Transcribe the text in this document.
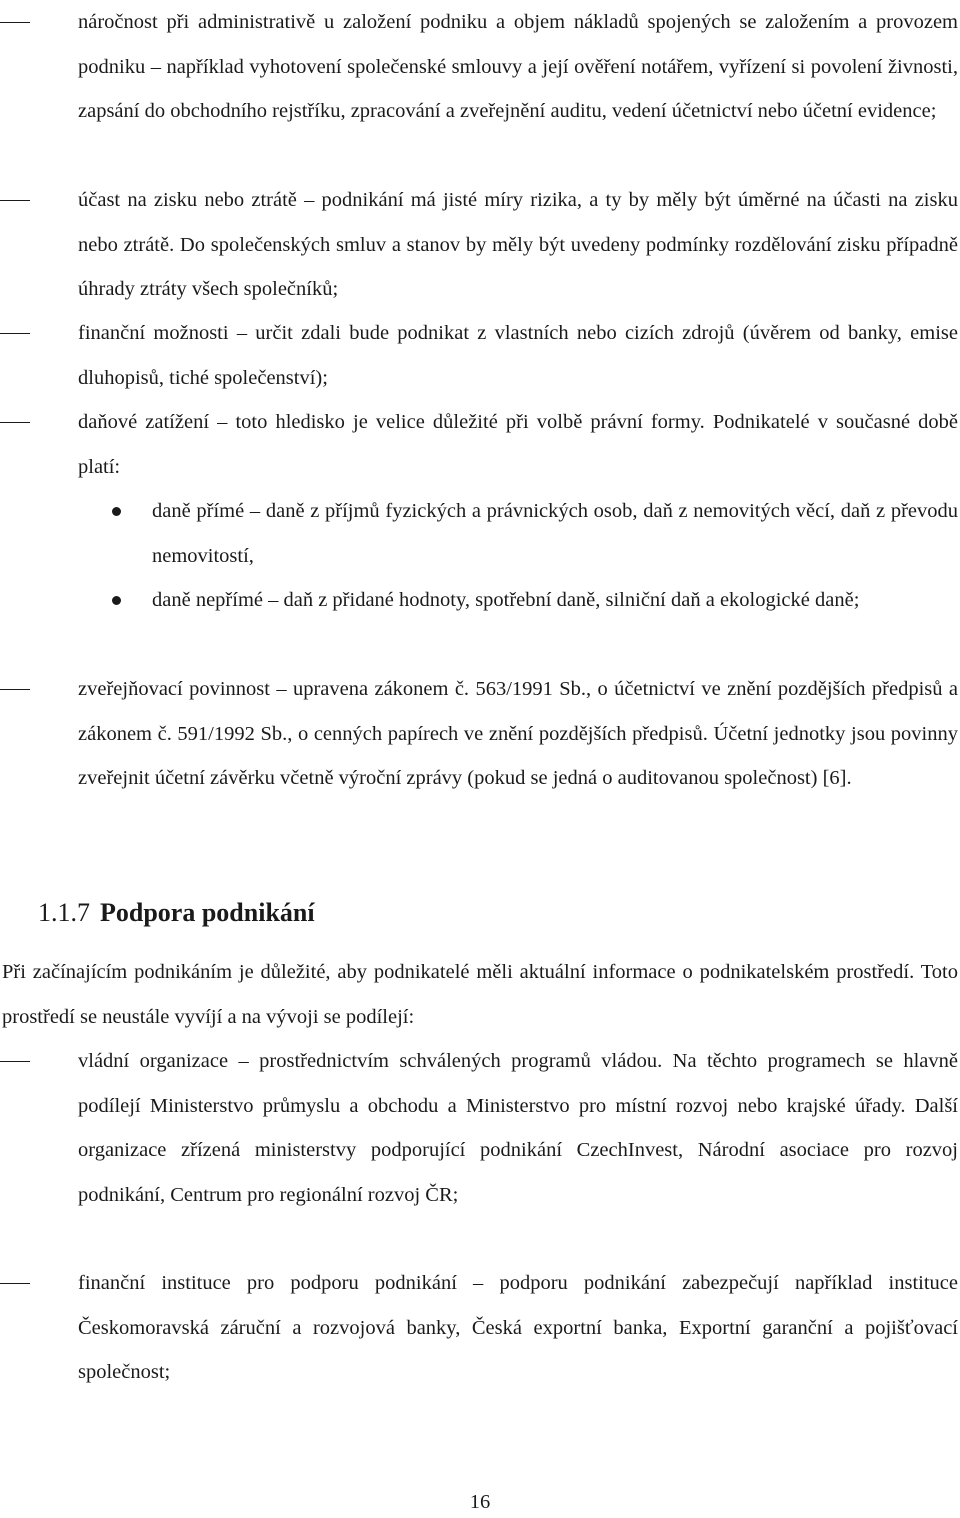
náročnost při administrativě u založení podniku a objem nákladů spojených se založením a provozem podniku – například vyhotovení společenské smlouvy a její ověření notářem, vyřízení si povolení živnosti, zapsání do obchodního rejstříku, zpracování a zveřejnění auditu, vedení účetnictví nebo účetní evidence;
účast na zisku nebo ztrátě – podnikání má jisté míry rizika, a ty by měly být úměrné na účasti na zisku nebo ztrátě. Do společenských smluv a stanov by měly být uvedeny podmínky rozdělování zisku případně úhrady ztráty všech společníků;
finanční možnosti – určit zdali bude podnikat z vlastních nebo cizích zdrojů (úvěrem od banky, emise dluhopisů, tiché společenství);
daňové zatížení – toto hledisko je velice důležité při volbě právní formy. Podnikatelé v současné době platí:
daně přímé – daně z příjmů fyzických a právnických osob, daň z nemovitých věcí, daň z převodu nemovitostí,
daně nepřímé – daň z přidané hodnoty, spotřební daně, silniční daň a ekologické daně;
zveřejňovací povinnost – upravena zákonem č. 563/1991 Sb., o účetnictví ve znění pozdějších předpisů a zákonem č. 591/1992 Sb., o cenných papírech ve znění pozdějších předpisů. Účetní jednotky jsou povinny zveřejnit účetní závěrku včetně výroční zprávy (pokud se jedná o auditovanou společnost) [6].
1.1.7 Podpora podnikání

Při začínajícím podnikáním je důležité, aby podnikatelé měli aktuální informace o podnikatelském prostředí. Toto prostředí se neustále vyvíjí a na vývoji se podílejí:

vládní organizace – prostřednictvím schválených programů vládou. Na těchto programech se hlavně podílejí Ministerstvo průmyslu a obchodu a Ministerstvo pro místní rozvoj nebo krajské úřady. Další organizace zřízená ministerstvy podporující podnikání CzechInvest, Národní asociace pro rozvoj podnikání, Centrum pro regionální rozvoj ČR;
finanční instituce pro podporu podnikání – podporu podnikání zabezpečují například instituce Českomoravská záruční a rozvojová banky, Česká exportní banka, Exportní garanční a pojišťovací společnost;
16
